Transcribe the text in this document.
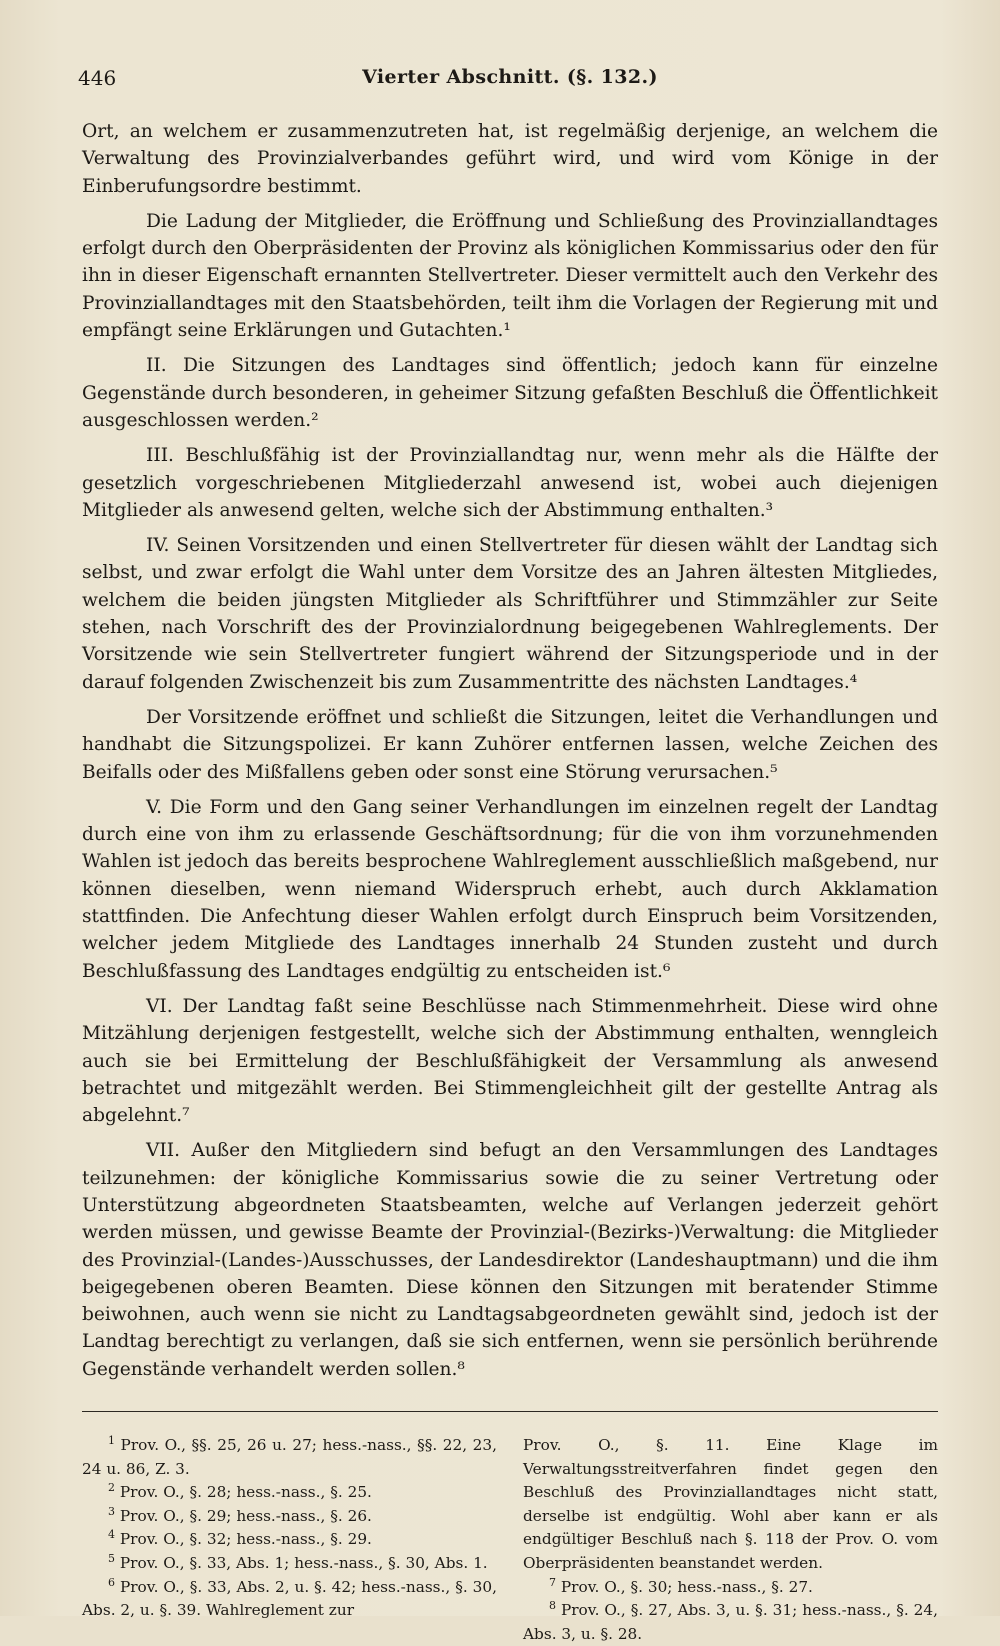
446	Vierter Abschnitt. (§. 132.)

Ort, an welchem er zusammenzutreten hat, ist regelmäßig derjenige, an welchem die Verwaltung des Provinzialverbandes geführt wird, und wird vom Könige in der Einberufungsordre bestimmt.

Die Ladung der Mitglieder, die Eröffnung und Schließung des Provinziallandtages erfolgt durch den Oberpräsidenten der Provinz als königlichen Kommissarius oder den für ihn in dieser Eigenschaft ernannten Stellvertreter. Dieser vermittelt auch den Verkehr des Provinziallandtages mit den Staatsbehörden, teilt ihm die Vorlagen der Regierung mit und empfängt seine Erklärungen und Gutachten.¹

II. Die Sitzungen des Landtages sind öffentlich; jedoch kann für einzelne Gegenstände durch besonderen, in geheimer Sitzung gefaßten Beschluß die Öffentlichkeit ausgeschlossen werden.²

III. Beschlußfähig ist der Provinziallandtag nur, wenn mehr als die Hälfte der gesetzlich vorgeschriebenen Mitgliederzahl anwesend ist, wobei auch diejenigen Mitglieder als anwesend gelten, welche sich der Abstimmung enthalten.³

IV. Seinen Vorsitzenden und einen Stellvertreter für diesen wählt der Landtag sich selbst, und zwar erfolgt die Wahl unter dem Vorsitze des an Jahren ältesten Mitgliedes, welchem die beiden jüngsten Mitglieder als Schriftführer und Stimmzähler zur Seite stehen, nach Vorschrift des der Provinzialordnung beigegebenen Wahlreglements. Der Vorsitzende wie sein Stellvertreter fungiert während der Sitzungsperiode und in der darauf folgenden Zwischenzeit bis zum Zusammentritte des nächsten Landtages.⁴

Der Vorsitzende eröffnet und schließt die Sitzungen, leitet die Verhandlungen und handhabt die Sitzungspolizei. Er kann Zuhörer entfernen lassen, welche Zeichen des Beifalls oder des Mißfallens geben oder sonst eine Störung verursachen.⁵

V. Die Form und den Gang seiner Verhandlungen im einzelnen regelt der Landtag durch eine von ihm zu erlassende Geschäftsordnung; für die von ihm vorzunehmenden Wahlen ist jedoch das bereits besprochene Wahlreglement ausschließlich maßgebend, nur können dieselben, wenn niemand Widerspruch erhebt, auch durch Akklamation stattfinden. Die Anfechtung dieser Wahlen erfolgt durch Einspruch beim Vorsitzenden, welcher jedem Mitgliede des Landtages innerhalb 24 Stunden zusteht und durch Beschlußfassung des Landtages endgültig zu entscheiden ist.⁶

VI. Der Landtag faßt seine Beschlüsse nach Stimmenmehrheit. Diese wird ohne Mitzählung derjenigen festgestellt, welche sich der Abstimmung enthalten, wenngleich auch sie bei Ermittelung der Beschlußfähigkeit der Versammlung als anwesend betrachtet und mitgezählt werden. Bei Stimmengleichheit gilt der gestellte Antrag als abgelehnt.⁷

VII. Außer den Mitgliedern sind befugt an den Versammlungen des Landtages teilzunehmen: der königliche Kommissarius sowie die zu seiner Vertretung oder Unterstützung abgeordneten Staatsbeamten, welche auf Verlangen jederzeit gehört werden müssen, und gewisse Beamte der Provinzial-(Bezirks-)Verwaltung: die Mitglieder des Provinzial-(Landes-)Ausschusses, der Landesdirektor (Landeshauptmann) und die ihm beigegebenen oberen Beamten. Diese können den Sitzungen mit beratender Stimme beiwohnen, auch wenn sie nicht zu Landtagsabgeordneten gewählt sind, jedoch ist der Landtag berechtigt zu verlangen, daß sie sich entfernen, wenn sie persönlich berührende Gegenstände verhandelt werden sollen.⁸

$^1$ Prov. O., §§. 25, 26 u. 27; hess.-nass., §§. 22, 23, 24 u. 86, Z. 3.

$^2$ Prov. O., §. 28; hess.-nass., §. 25.

$^3$ Prov. O., §. 29; hess.-nass., §. 26.

$^4$ Prov. O., §. 32; hess.-nass., §. 29.

$^5$ Prov. O., §. 33, Abs. 1; hess.-nass., §. 30, Abs. 1.

$^6$ Prov. O., §. 33, Abs. 2, u. §. 42; hess.-nass., §. 30, Abs. 2, u. §. 39. Wahlreglement zur

Prov. O., §. 11. Eine Klage im Verwaltungsstreitverfahren findet gegen den Beschluß des Provinziallandtages nicht statt, derselbe ist endgültig. Wohl aber kann er als endgültiger Beschluß nach §. 118 der Prov. O. vom Oberpräsidenten beanstandet werden.

$^7$ Prov. O., §. 30; hess.-nass., §. 27.

$^8$ Prov. O., §. 27, Abs. 3, u. §. 31; hess.-nass., §. 24, Abs. 3, u. §. 28.
